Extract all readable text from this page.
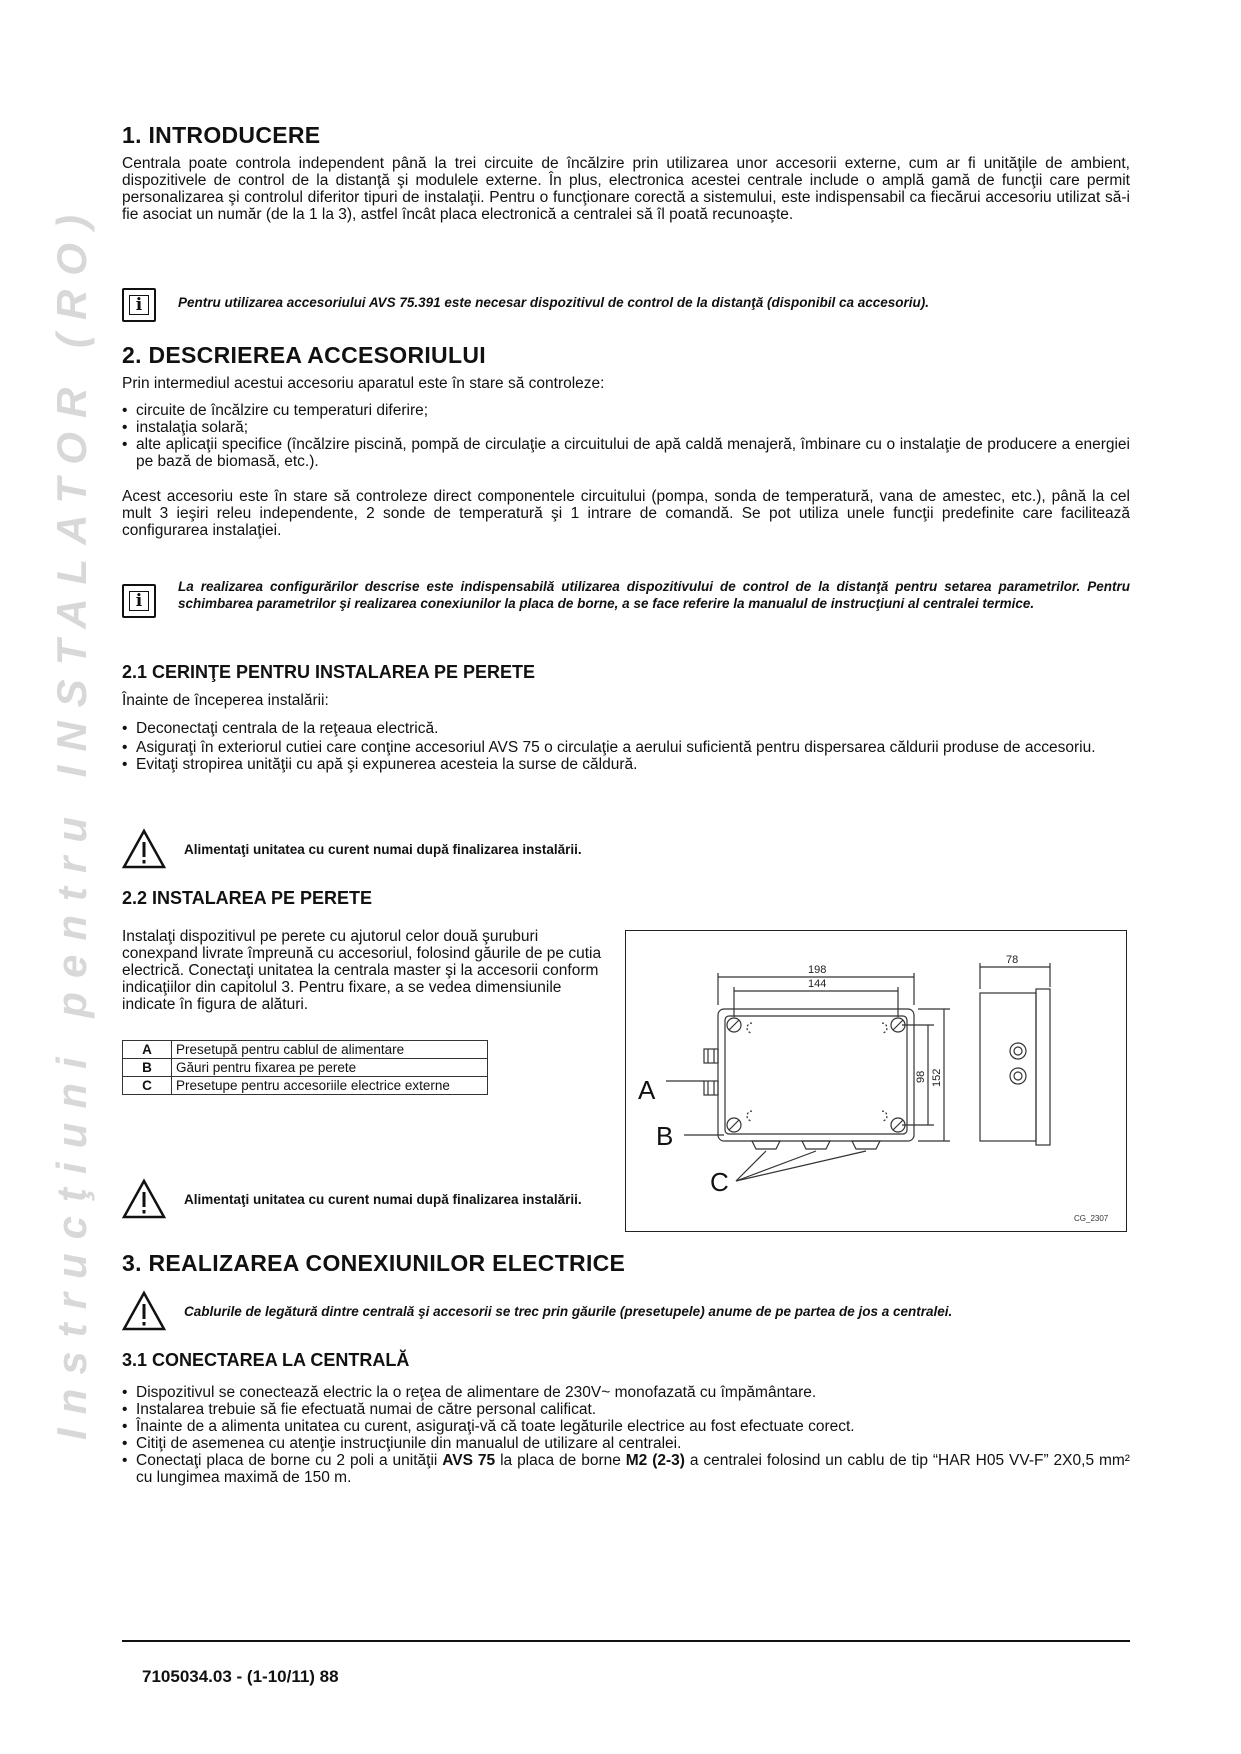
Instrucţiuni pentru INSTALATOR (RO)
1. INTRODUCERE

Centrala poate controla independent până la trei circuite de încălzire prin utilizarea unor accesorii externe, cum ar fi unităţile de ambient, dispozitivele de control de la distanţă şi modulele externe. În plus, electronica acestei centrale include o amplă gamă de funcţii care permit personalizarea şi controlul diferitor tipuri de instalaţii. Pentru o funcţionare corectă a sistemului, este indispensabil ca fiecărui accesoriu utilizat să-i fie asociat un număr (de la 1 la 3), astfel încât placa electronică a centralei să îl poată recunoaşte.

i	Pentru utilizarea accesoriului AVS 75.391 este necesar dispozitivul de control de la distanţă (disponibil ca accesoriu).
2. DESCRIEREA ACCESORIULUI

Prin intermediul acestui accesoriu aparatul este în stare să controleze:

• circuite de încălzire cu temperaturi diferire;
• instalaţia solară;
• alte aplicaţii specifice (încălzire piscină, pompă de circulaţie a circuitului de apă caldă menajeră, îmbinare cu o instalaţie de producere a energiei pe bază de biomasă, etc.).

Acest accesoriu este în stare să controleze direct componentele circuitului (pompa, sonda de temperatură, vana de amestec, etc.), până la cel mult 3 ieşiri releu independente, 2 sonde de temperatură şi 1 intrare de comandă. Se pot utiliza unele funcţii predefinite care facilitează configurarea instalaţiei.

i
La realizarea configurărilor descrise este indispensabilă utilizarea dispozitivului de control de la distanţă pentru setarea parametrilor. Pentru schimbarea parametrilor şi realizarea conexiunilor la placa de borne, a se face referire la manualul de instrucţiuni al centralei termice.
2.1 CERINŢE PENTRU INSTALAREA PE PERETE

Înainte de începerea instalării:

• Deconectaţi centrala de la reţeaua electrică.
• Asiguraţi în exteriorul cutiei care conţine accesoriul AVS 75 o circulaţie a aerului suficientă pentru dispersarea căldurii produse de accesoriu.
• Evitaţi stropirea unităţii cu apă şi expunerea acesteia la surse de căldură.
Alimentaţi unitatea cu curent numai după finalizarea instalării.
2.2 INSTALAREA PE PERETE

Instalaţi dispozitivul pe perete cu ajutorul celor două şuruburi conexpand livrate împreună cu accesoriul, folosind găurile de pe cutia electrică. Conectaţi unitatea la centrala master şi la accesorii conform indicaţiilor din capitolul 3. Pentru fixare, a se vedea dimensiunile indicate în figura de alături.

A	Presetupă pentru cablul de alimentare
B	Găuri pentru fixarea pe perete
C	Presetupe pentru accesoriile electrice externe
Alimentaţi unitatea cu curent numai după finalizarea instalării.
198
144
78
98 152
A
B
C
CG_2307
3. REALIZAREA CONEXIUNILOR ELECTRICE
Cablurile de legătură dintre centrală şi accesorii se trec prin găurile (presetupele) anume de pe partea de jos a centralei.
3.1 CONECTAREA LA CENTRALĂ
• Dispozitivul se conectează electric la o reţea de alimentare de 230V~ monofazată cu împământare.
• Instalarea trebuie să fie efectuată numai de către personal calificat.
• Înainte de a alimenta unitatea cu curent, asiguraţi-vă că toate legăturile electrice au fost efectuate corect.
• Citiţi de asemenea cu atenţie instrucţiunile din manualul de utilizare al centralei.
• Conectaţi placa de borne cu 2 poli a unităţii AVS 75 la placa de borne M2 (2-3) a centralei folosind un cablu de tip “HAR H05 VV-F” 2X0,5 mm² cu lungimea maximă de 150 m.
7105034.03 - (1-10/11) 88
